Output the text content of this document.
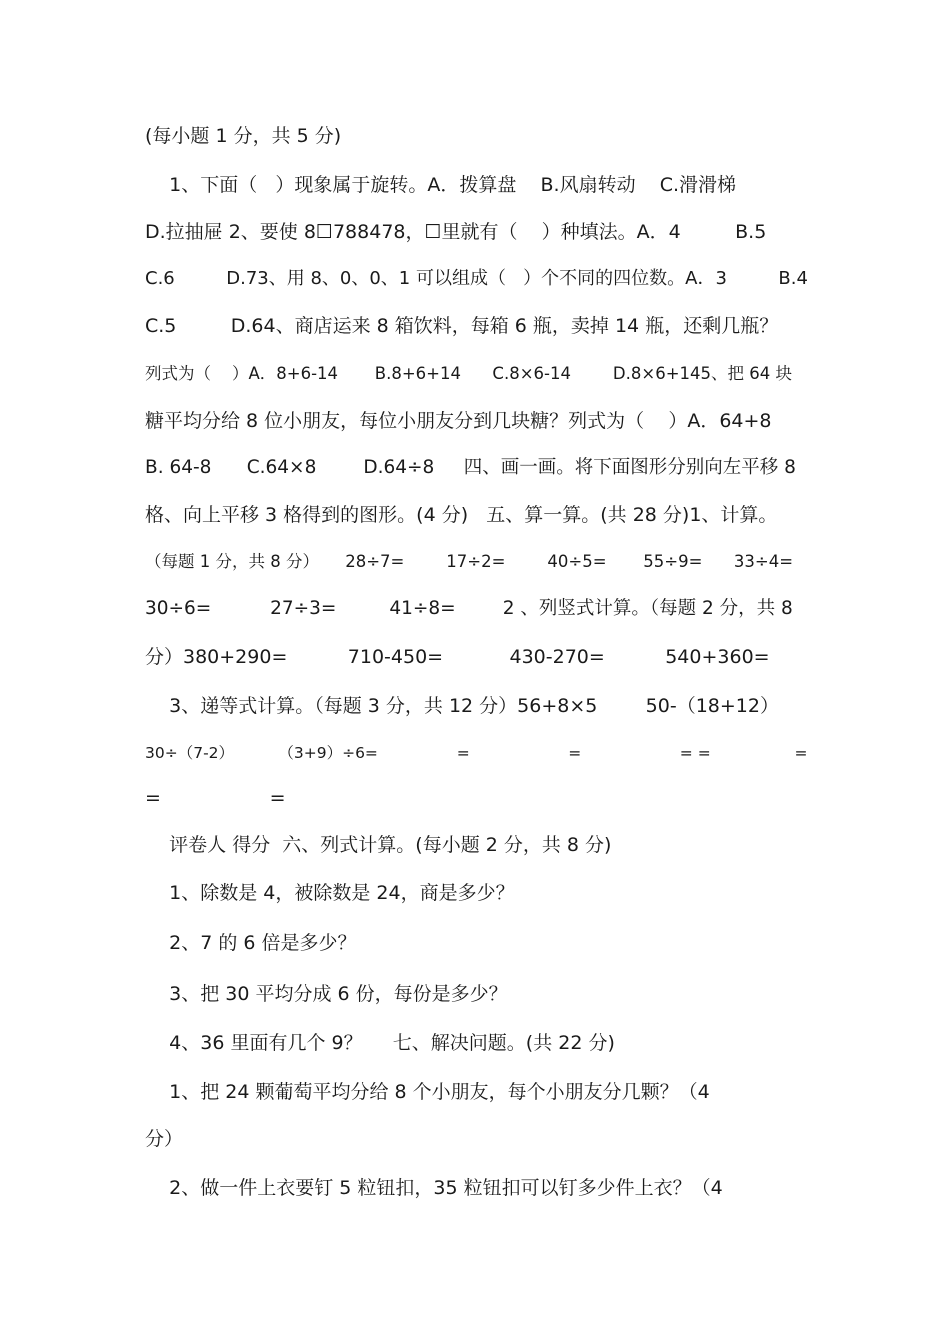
(每小题 1 分，共 5 分)
1、下面（   ）现象属于旋转。A．拨算盘    B.风扇转动    C.滑滑梯
D.拉抽屉 2、要使 8☐788478，☐里就有（    ）种填法。A．4         B.5
C.6         D.73、用 8、0、0、1 可以组成（   ）个不同的四位数。A．3         B.4
C.5         D.64、商店运来 8 箱饮料，每箱 6 瓶，卖掉 14 瓶，还剩几瓶？
列式为（    ）A．8+6-14       B.8+6+14      C.8×6-14        D.8×6+145、把 64 块
糖平均分给 8 位小朋友，每位小朋友分到几块糖？列式为（    ）A．64+8
B. 64-8      C.64×8        D.64÷8     四、画一画。将下面图形分别向左平移 8
格、向上平移 3 格得到的图形。(4 分)   五、算一算。(共 28 分)1、计算。
（每题 1 分，共 8 分）     28÷7=        17÷2=        40÷5=       55÷9=      33÷4=
30÷6=          27÷3=         41÷8=        2 、列竖式计算。（每题 2 分，共 8
分）380+290=          710-450=           430-270=          540+360=
3、递等式计算。（每题 3 分，共 12 分）56+8×5        50-（18+12）
30÷（7-2）         （3+9）÷6=                =                    =                    = =                 =
=                  =
评卷人 得分  六、列式计算。(每小题 2 分，共 8 分)
1、除数是 4，被除数是 24，商是多少？
2、7 的 6 倍是多少？
3、把 30 平均分成 6 份，每份是多少？
4、36 里面有几个 9？     七、解决问题。(共 22 分)
1、把 24 颗葡萄平均分给 8 个小朋友，每个小朋友分几颗？（4
分）
2、做一件上衣要钉 5 粒钮扣，35 粒钮扣可以钉多少件上衣？（4
